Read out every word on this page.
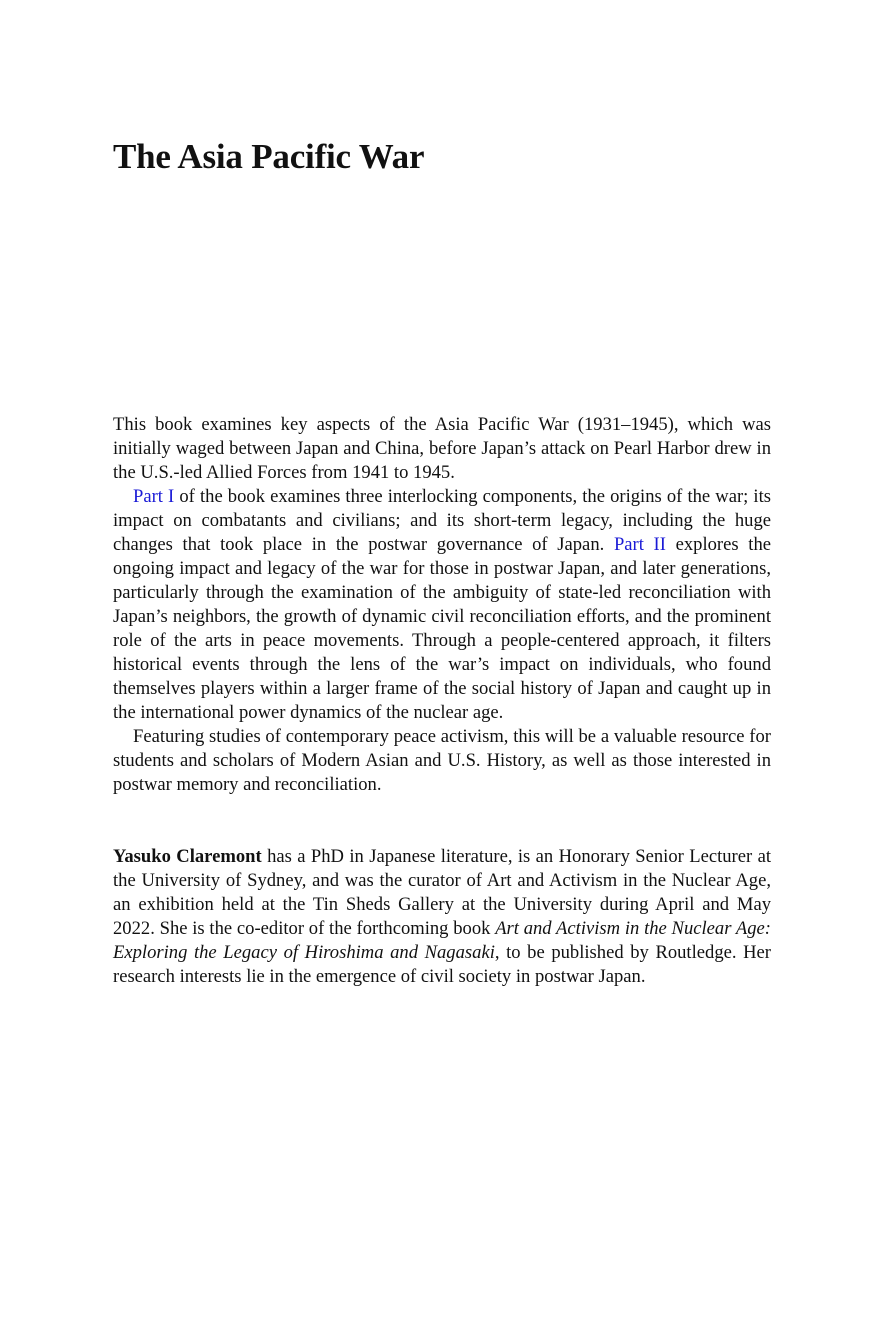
The Asia Pacific War

This book examines key aspects of the Asia Pacific War (1931–1945), which was initially waged between Japan and China, before Japan’s attack on Pearl Harbor drew in the U.S.-led Allied Forces from 1941 to 1945.

Part I of the book examines three interlocking components, the origins of the war; its impact on combatants and civilians; and its short-term legacy, including the huge changes that took place in the postwar governance of Japan. Part II explores the ongoing impact and legacy of the war for those in postwar Japan, and later generations, particularly through the examination of the ambiguity of state-led reconciliation with Japan’s neighbors, the growth of dynamic civil reconciliation efforts, and the prominent role of the arts in peace movements. Through a people-centered approach, it filters historical events through the lens of the war’s impact on individuals, who found themselves players within a larger frame of the social history of Japan and caught up in the international power dynamics of the nuclear age.

Featuring studies of contemporary peace activism, this will be a valuable resource for students and scholars of Modern Asian and U.S. History, as well as those interested in postwar memory and reconciliation.

Yasuko Claremont has a PhD in Japanese literature, is an Honorary Senior Lecturer at the University of Sydney, and was the curator of Art and Activism in the Nuclear Age, an exhibition held at the Tin Sheds Gallery at the University during April and May 2022. She is the co-editor of the forthcoming book Art and Activism in the Nuclear Age: Exploring the Legacy of Hiroshima and Nagasaki, to be published by Routledge. Her research interests lie in the emergence of civil society in postwar Japan.
